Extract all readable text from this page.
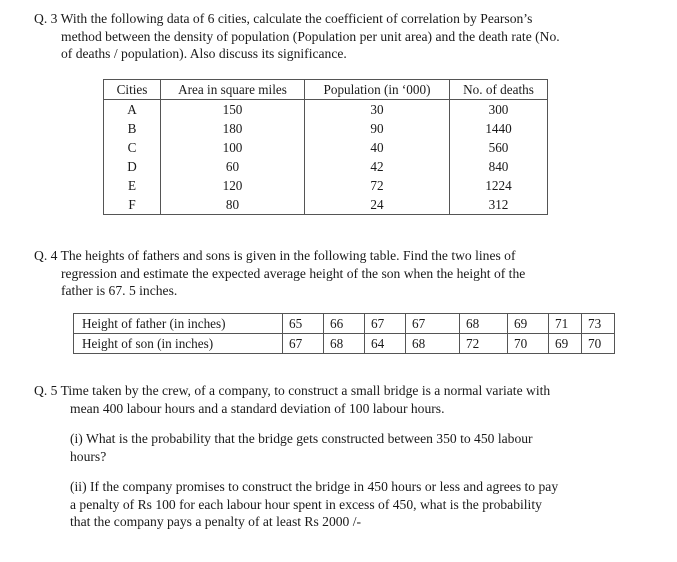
Q. 3 With the following data of 6 cities, calculate the coefficient of correlation by Pearson’s
method between the density of population (Population per unit area) and the death rate (No.
of deaths / population). Also discuss its significance.
Cities	Area in square miles	Population (in ‘000)	No. of deaths
A	150	30	300
B	180	90	1440
C	100	40	560
D	60	42	840
E	120	72	1224
F	80	24	312
Q. 4 The heights of fathers and sons is given in the following table. Find the two lines of
regression and estimate the expected average height of the son when the height of the
father is 67. 5 inches.
Height of father (in inches)	65	66	67	67	68	69	71	73
Height of son (in inches)	67	68	64	68	72	70	69	70
Q. 5 Time taken by the crew, of a company, to construct a small bridge is a normal variate with
mean 400 labour hours and a standard deviation of 100 labour hours.
(i) What is the probability that the bridge gets constructed between 350 to 450 labour
hours?
(ii) If the company promises to construct the bridge in 450 hours or less and agrees to pay
a penalty of Rs 100 for each labour hour spent in excess of 450, what is the probability
that the company pays a penalty of at least Rs 2000 /-
